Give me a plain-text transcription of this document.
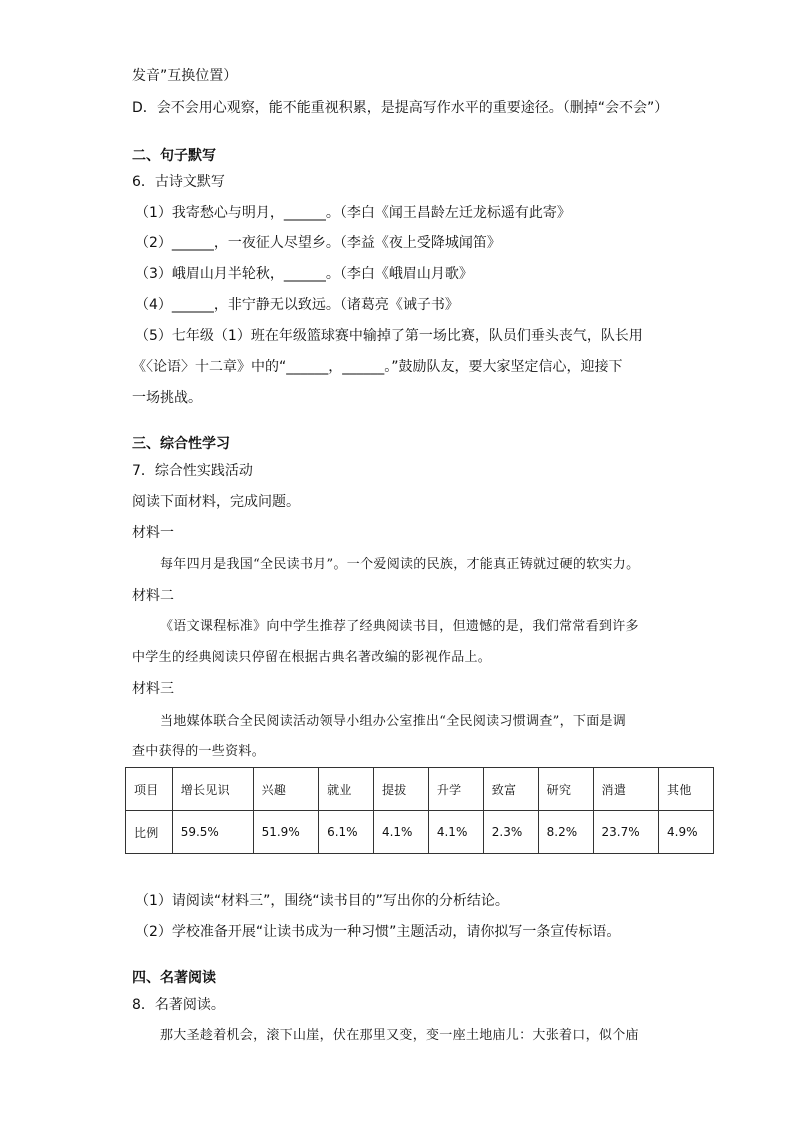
发音”互换位置）
D．会不会用心观察，能不能重视积累，是提高写作水平的重要途径。（删掉“会不会”）
二、句子默写
6．古诗文默写
（1）我寄愁心与明月，______。（李白《闻王昌龄左迁龙标遥有此寄》
（2）______，一夜征人尽望乡。（李益《夜上受降城闻笛》
（3）峨眉山月半轮秋，______。（李白《峨眉山月歌》
（4）______，非宁静无以致远。（诸葛亮《诫子书》
（5）七年级（1）班在年级篮球赛中输掉了第一场比赛，队员们垂头丧气，队长用
《〈论语〉十二章》中的“______，______。”鼓励队友，要大家坚定信心，迎接下
一场挑战。
三、综合性学习
7．综合性实践活动
阅读下面材料，完成问题。
材料一
每年四月是我国“全民读书月”。一个爱阅读的民族，才能真正铸就过硬的软实力。
材料二
《语文课程标准》向中学生推荐了经典阅读书目，但遗憾的是，我们常常看到许多
中学生的经典阅读只停留在根据古典名著改编的影视作品上。
材料三
当地媒体联合全民阅读活动领导小组办公室推出“全民阅读习惯调查”，下面是调
查中获得的一些资料。
项目	增长见识	兴趣	就业	提拔	升学	致富	研究	消遣	其他
比例	59.5%	51.9%	6.1%	4.1%	4.1%	2.3%	8.2%	23.7%	4.9%
（1）请阅读“材料三”，围绕“读书目的”写出你的分析结论。
（2）学校准备开展“让读书成为一种习惯”主题活动，请你拟写一条宣传标语。
四、名著阅读
8．名著阅读。
那大圣趁着机会，滚下山崖，伏在那里又变，变一座土地庙儿：大张着口，似个庙
